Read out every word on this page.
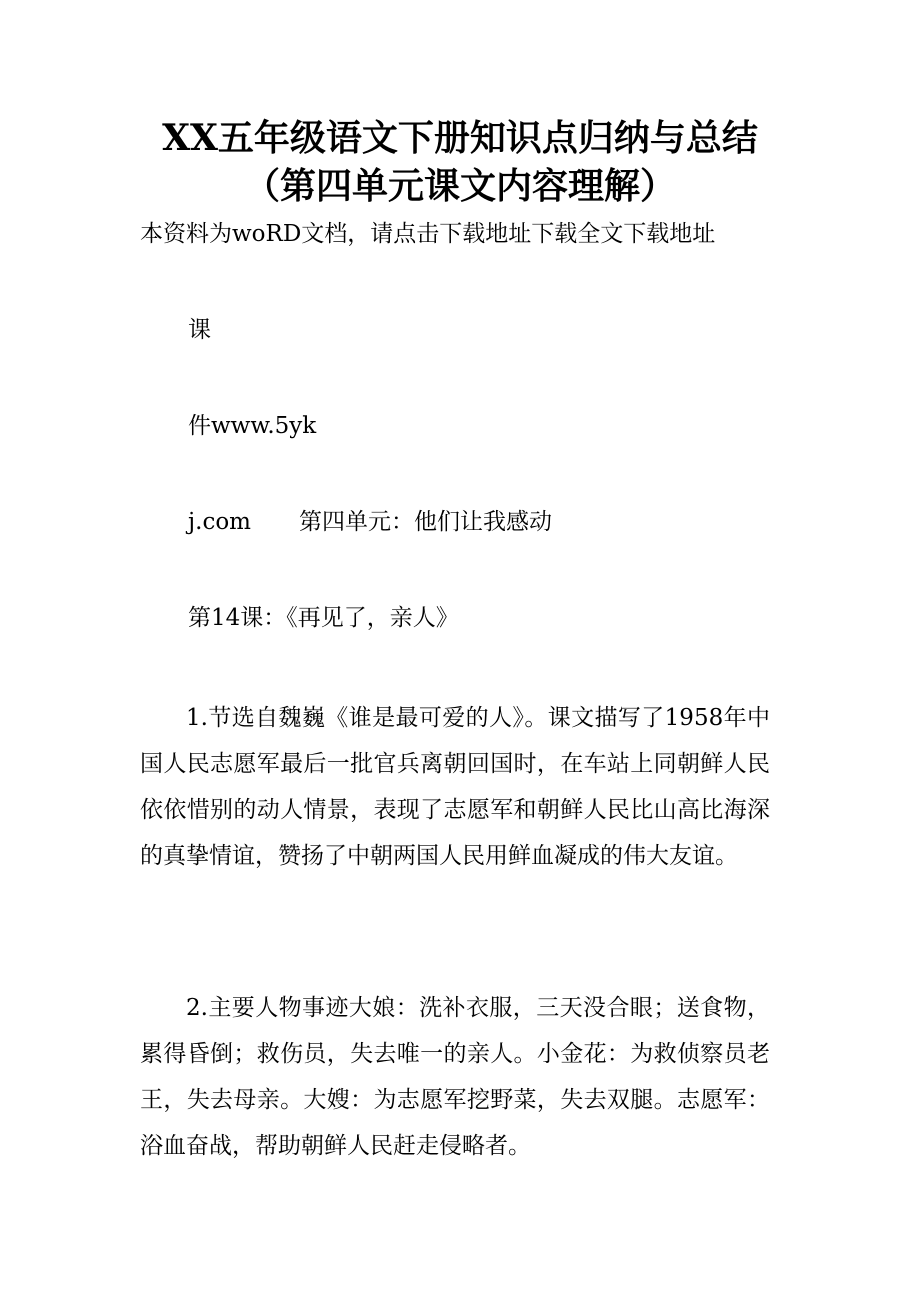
XX五年级语文下册知识点归纳与总结
（第四单元课文内容理解）

本资料为woRD文档，请点击下载地址下载全文下载地址

课

件www.5yk

j.com 第四单元：他们让我感动

第14课：《再见了，亲人》

1.节选自魏巍《谁是最可爱的人》。课文描写了1958年中国人民志愿军最后一批官兵离朝回国时，在车站上同朝鲜人民依依惜别的动人情景，表现了志愿军和朝鲜人民比山高比海深的真挚情谊，赞扬了中朝两国人民用鲜血凝成的伟大友谊。

2.主要人物事迹大娘：洗补衣服，三天没合眼；送食物，累得昏倒；救伤员，失去唯一的亲人。小金花：为救侦察员老王，失去母亲。大嫂：为志愿军挖野菜，失去双腿。志愿军：浴血奋战，帮助朝鲜人民赶走侵略者。
